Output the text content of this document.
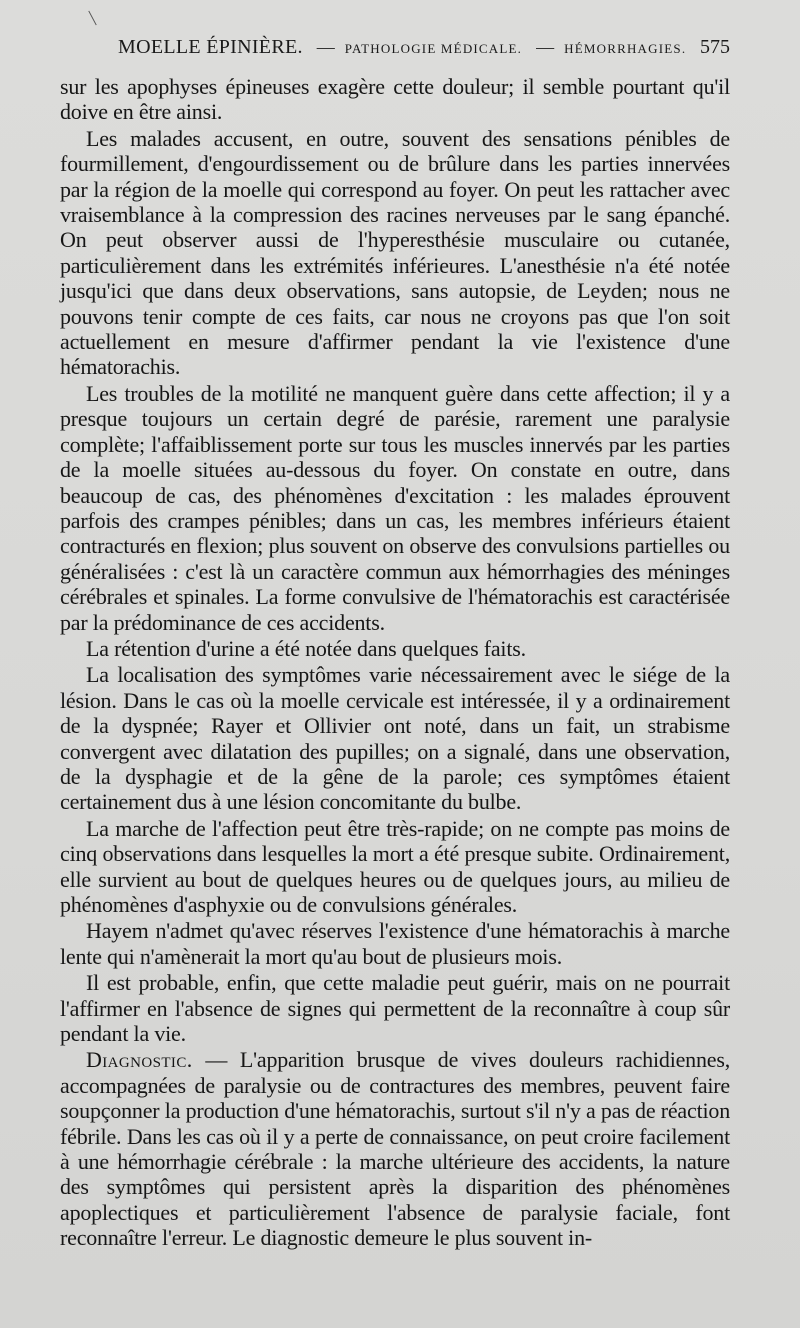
MOELLE ÉPINIÈRE. — PATHOLOGIE MÉDICALE. — HÉMORRHAGIES. 575

sur les apophyses épineuses exagère cette douleur; il semble pourtant qu'il doive en être ainsi.

Les malades accusent, en outre, souvent des sensations pénibles de fourmillement, d'engourdissement ou de brûlure dans les parties innervées par la région de la moelle qui correspond au foyer. On peut les rattacher avec vraisemblance à la compression des racines nerveuses par le sang épanché. On peut observer aussi de l'hyperesthésie musculaire ou cutanée, particulièrement dans les extrémités inférieures. L'anesthésie n'a été notée jusqu'ici que dans deux observations, sans autopsie, de Leyden; nous ne pouvons tenir compte de ces faits, car nous ne croyons pas que l'on soit actuellement en mesure d'affirmer pendant la vie l'existence d'une hématorachis.

Les troubles de la motilité ne manquent guère dans cette affection; il y a presque toujours un certain degré de parésie, rarement une paralysie complète; l'affaiblissement porte sur tous les muscles innervés par les parties de la moelle situées au-dessous du foyer. On constate en outre, dans beaucoup de cas, des phénomènes d'excitation : les malades éprouvent parfois des crampes pénibles; dans un cas, les membres inférieurs étaient contracturés en flexion; plus souvent on observe des convulsions partielles ou généralisées : c'est là un caractère commun aux hémorrhagies des méninges cérébrales et spinales. La forme convulsive de l'hématorachis est caractérisée par la prédominance de ces accidents.

La rétention d'urine a été notée dans quelques faits.

La localisation des symptômes varie nécessairement avec le siége de la lésion. Dans le cas où la moelle cervicale est intéressée, il y a ordinairement de la dyspnée; Rayer et Ollivier ont noté, dans un fait, un strabisme convergent avec dilatation des pupilles; on a signalé, dans une observation, de la dysphagie et de la gêne de la parole; ces symptômes étaient certainement dus à une lésion concomitante du bulbe.

La marche de l'affection peut être très-rapide; on ne compte pas moins de cinq observations dans lesquelles la mort a été presque subite. Ordinairement, elle survient au bout de quelques heures ou de quelques jours, au milieu de phénomènes d'asphyxie ou de convulsions générales.

Hayem n'admet qu'avec réserves l'existence d'une hématorachis à marche lente qui n'amènerait la mort qu'au bout de plusieurs mois.

Il est probable, enfin, que cette maladie peut guérir, mais on ne pourrait l'affirmer en l'absence de signes qui permettent de la reconnaître à coup sûr pendant la vie.

Diagnostic. — L'apparition brusque de vives douleurs rachidiennes, accompagnées de paralysie ou de contractures des membres, peuvent faire soupçonner la production d'une hématorachis, surtout s'il n'y a pas de réaction fébrile. Dans les cas où il y a perte de connaissance, on peut croire facilement à une hémorrhagie cérébrale : la marche ultérieure des accidents, la nature des symptômes qui persistent après la disparition des phénomènes apoplectiques et particulièrement l'absence de paralysie faciale, font reconnaître l'erreur. Le diagnostic demeure le plus souvent in-
